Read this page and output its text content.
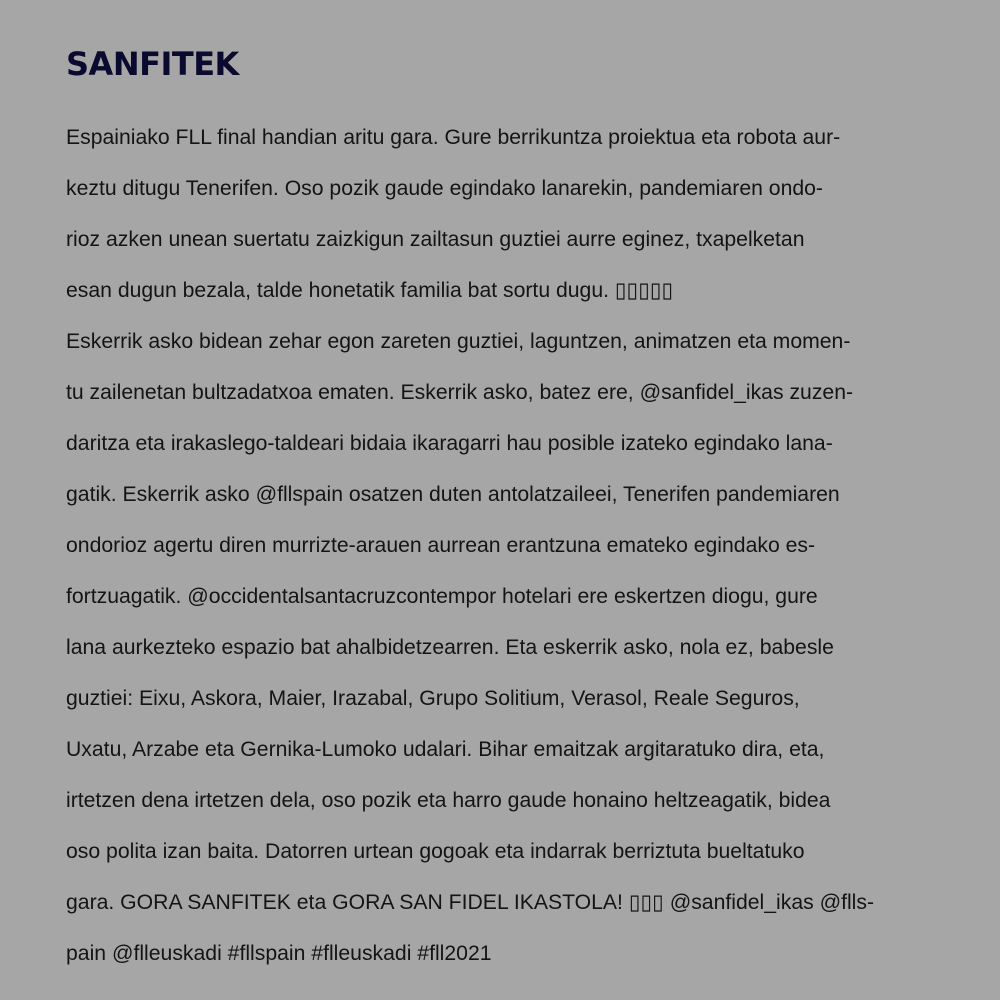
SANFITEK
Espainiako FLL final handian aritu gara. Gure berrikuntza proiektua eta robota aur-
keztu ditugu Tenerifen. Oso pozik gaude egindako lanarekin, pandemiaren ondo-
rioz azken unean suertatu zaizkigun zailtasun guztiei aurre eginez, txapelketan
esan dugun bezala, talde honetatik familia bat sortu dugu. ▯▯▯▯▯
Eskerrik asko bidean zehar egon zareten guztiei, laguntzen, animatzen eta momen-
tu zailenetan bultzadatxoa ematen. Eskerrik asko, batez ere, @sanfidel_ikas zuzen-
daritza eta irakaslego-taldeari bidaia ikaragarri hau posible izateko egindako lana-
gatik. Eskerrik asko @fllspain osatzen duten antolatzaileei, Tenerifen pandemiaren
ondorioz agertu diren murrizte-arauen aurrean erantzuna emateko egindako es-
fortzuagatik. @occidentalsantacruzcontempor hotelari ere eskertzen diogu, gure
lana aurkezteko espazio bat ahalbidetzearren. Eta eskerrik asko, nola ez, babesle
guztiei: Eixu, Askora, Maier, Irazabal, Grupo Solitium, Verasol, Reale Seguros,
Uxatu, Arzabe eta Gernika-Lumoko udalari. Bihar emaitzak argitaratuko dira, eta,
irtetzen dena irtetzen dela, oso pozik eta harro gaude honaino heltzeagatik, bidea
oso polita izan baita. Datorren urtean gogoak eta indarrak berriztuta bueltatuko
gara. GORA SANFITEK eta GORA SAN FIDEL IKASTOLA! ▯▯▯ @sanfidel_ikas @flls-
pain @flleuskadi #fllspain #flleuskadi #fll2021
